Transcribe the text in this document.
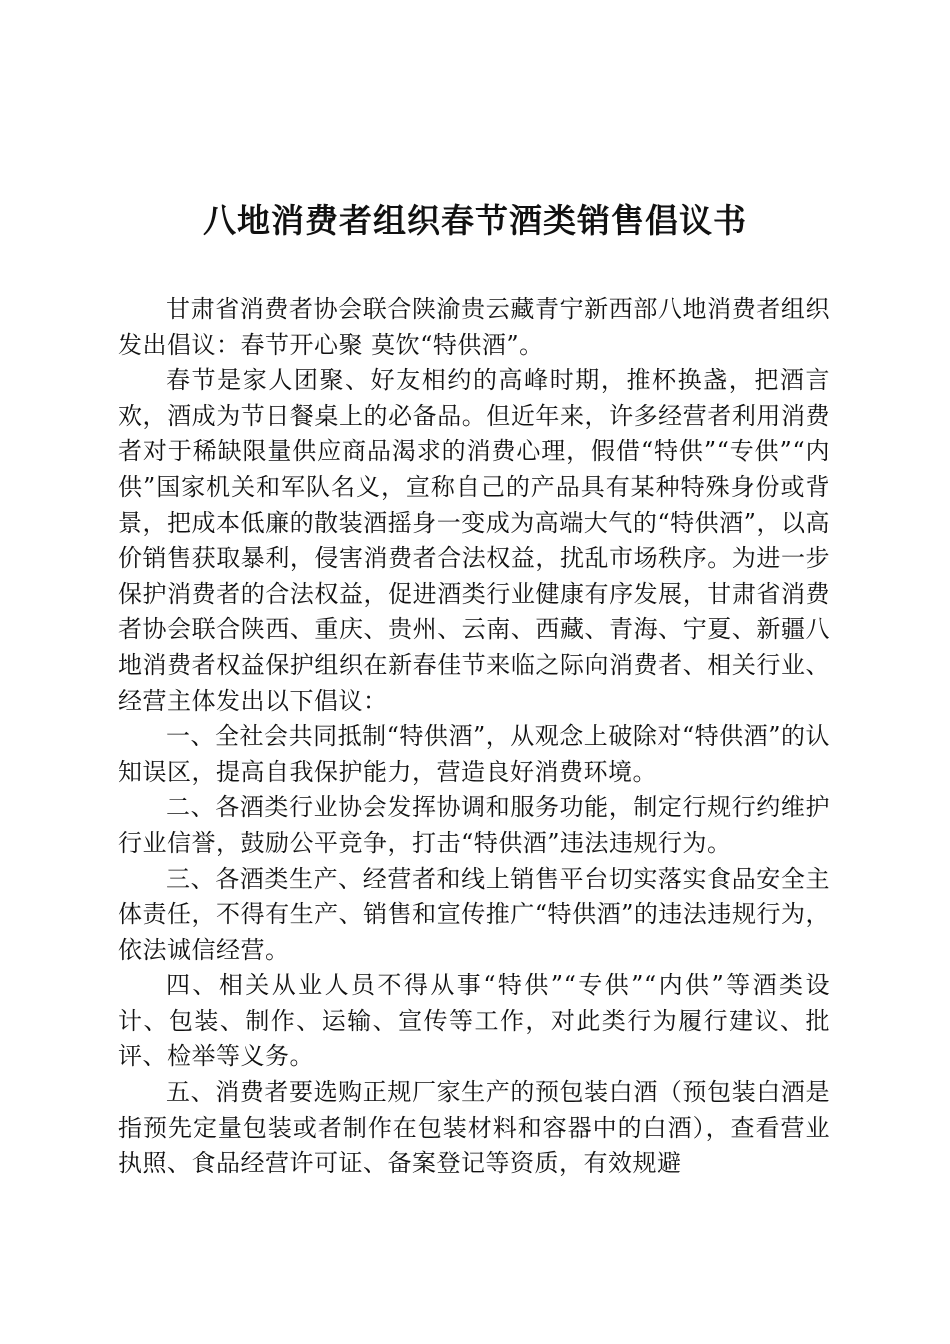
八地消费者组织春节酒类销售倡议书

甘肃省消费者协会联合陕渝贵云藏青宁新西部八地消费者组织发出倡议：春节开心聚 莫饮“特供酒”。

春节是家人团聚、好友相约的高峰时期，推杯换盏，把酒言欢，酒成为节日餐桌上的必备品。但近年来，许多经营者利用消费者对于稀缺限量供应商品渴求的消费心理，假借“特供”“专供”“内供”国家机关和军队名义，宣称自己的产品具有某种特殊身份或背景，把成本低廉的散装酒摇身一变成为高端大气的“特供酒”，以高价销售获取暴利，侵害消费者合法权益，扰乱市场秩序。为进一步保护消费者的合法权益，促进酒类行业健康有序发展，甘肃省消费者协会联合陕西、重庆、贵州、云南、西藏、青海、宁夏、新疆八地消费者权益保护组织在新春佳节来临之际向消费者、相关行业、经营主体发出以下倡议：

一、全社会共同抵制“特供酒”，从观念上破除对“特供酒”的认知误区，提高自我保护能力，营造良好消费环境。

二、各酒类行业协会发挥协调和服务功能，制定行规行约维护行业信誉，鼓励公平竞争，打击“特供酒”违法违规行为。

三、各酒类生产、经营者和线上销售平台切实落实食品安全主体责任，不得有生产、销售和宣传推广“特供酒”的违法违规行为，依法诚信经营。

四、相关从业人员不得从事“特供”“专供”“内供”等酒类设计、包装、制作、运输、宣传等工作，对此类行为履行建议、批评、检举等义务。

五、消费者要选购正规厂家生产的预包装白酒（预包装白酒是指预先定量包装或者制作在包装材料和容器中的白酒），查看营业执照、食品经营许可证、备案登记等资质，有效规避
